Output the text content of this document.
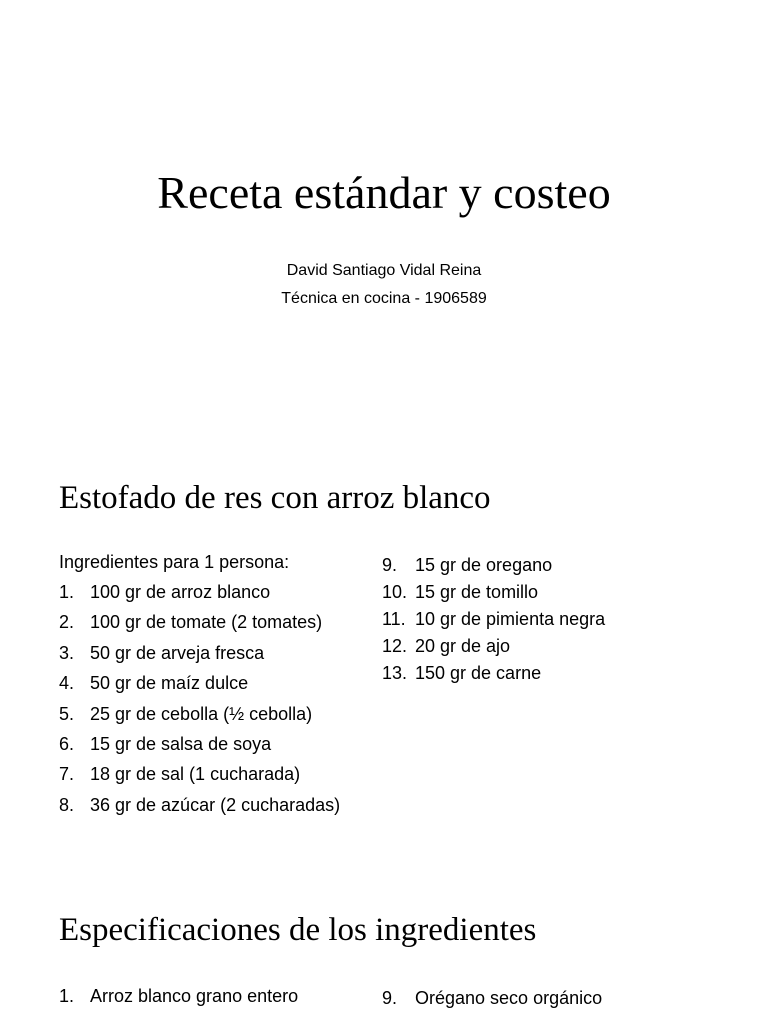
Receta estándar y costeo
David Santiago Vidal Reina
Técnica en cocina - 1906589
Estofado de res con arroz blanco
Ingredientes para 1 persona:
1. 100 gr de arroz blanco
2. 100 gr de tomate (2 tomates)
3. 50 gr de arveja fresca
4. 50 gr de maíz dulce
5. 25 gr de cebolla (½ cebolla)
6. 15 gr de salsa de soya
7. 18 gr de sal (1 cucharada)
8. 36 gr de azúcar (2 cucharadas)
9. 15 gr de oregano
10. 15 gr de tomillo
11. 10 gr de pimienta negra
12. 20 gr de ajo
13. 150 gr de carne
Especificaciones de los ingredientes
1. Arroz blanco grano entero	9. Orégano seco orgánico
